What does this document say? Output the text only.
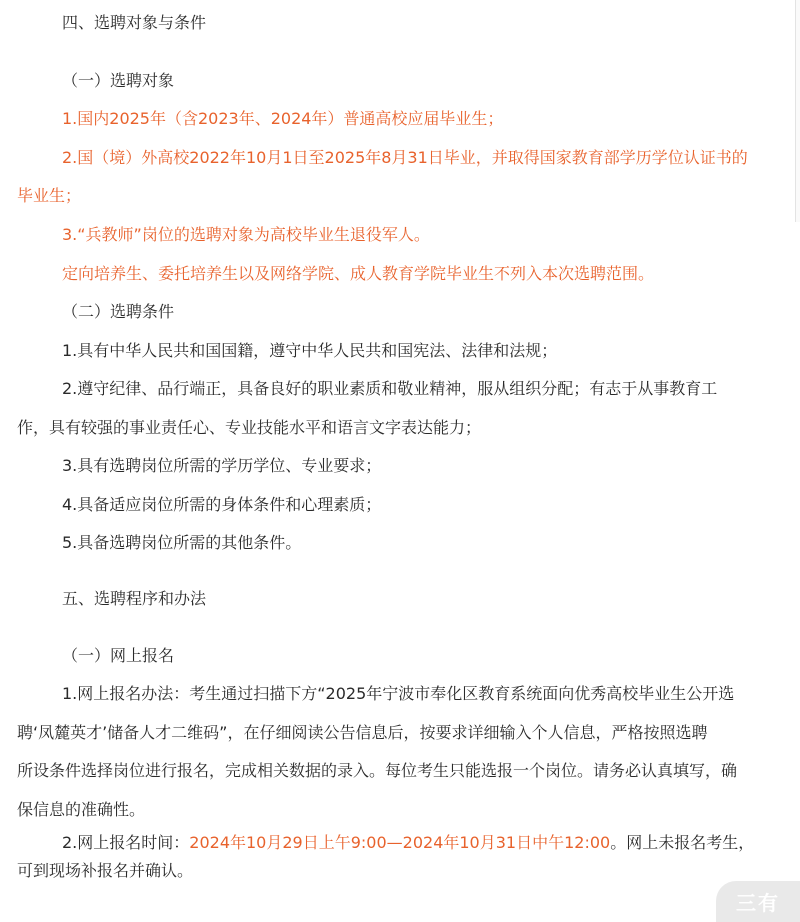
四、选聘对象与条件

（一）选聘对象

1.国内2025年（含2023年、2024年）普通高校应届毕业生；

2.国（境）外高校2022年10月1日至2025年8月31日毕业，并取得国家教育部学历学位认证书的

毕业生；

3.“兵教师”岗位的选聘对象为高校毕业生退役军人。

定向培养生、委托培养生以及网络学院、成人教育学院毕业生不列入本次选聘范围。

（二）选聘条件

1.具有中华人民共和国国籍，遵守中华人民共和国宪法、法律和法规；

2.遵守纪律、品行端正，具备良好的职业素质和敬业精神，服从组织分配；有志于从事教育工

作，具有较强的事业责任心、专业技能水平和语言文字表达能力；

3.具有选聘岗位所需的学历学位、专业要求；

4.具备适应岗位所需的身体条件和心理素质；

5.具备选聘岗位所需的其他条件。

五、选聘程序和办法

（一）网上报名

1.网上报名办法：考生通过扫描下方“2025年宁波市奉化区教育系统面向优秀高校毕业生公开选

聘‘凤麓英才’储备人才二维码”，在仔细阅读公告信息后，按要求详细输入个人信息，严格按照选聘

所设条件选择岗位进行报名，完成相关数据的录入。每位考生只能选报一个岗位。请务必认真填写，确

保信息的准确性。

2.网上报名时间：2024年10月29日上午9:00—2024年10月31日中午12:00。网上未报名考生，

可到现场补报名并确认。

三有
